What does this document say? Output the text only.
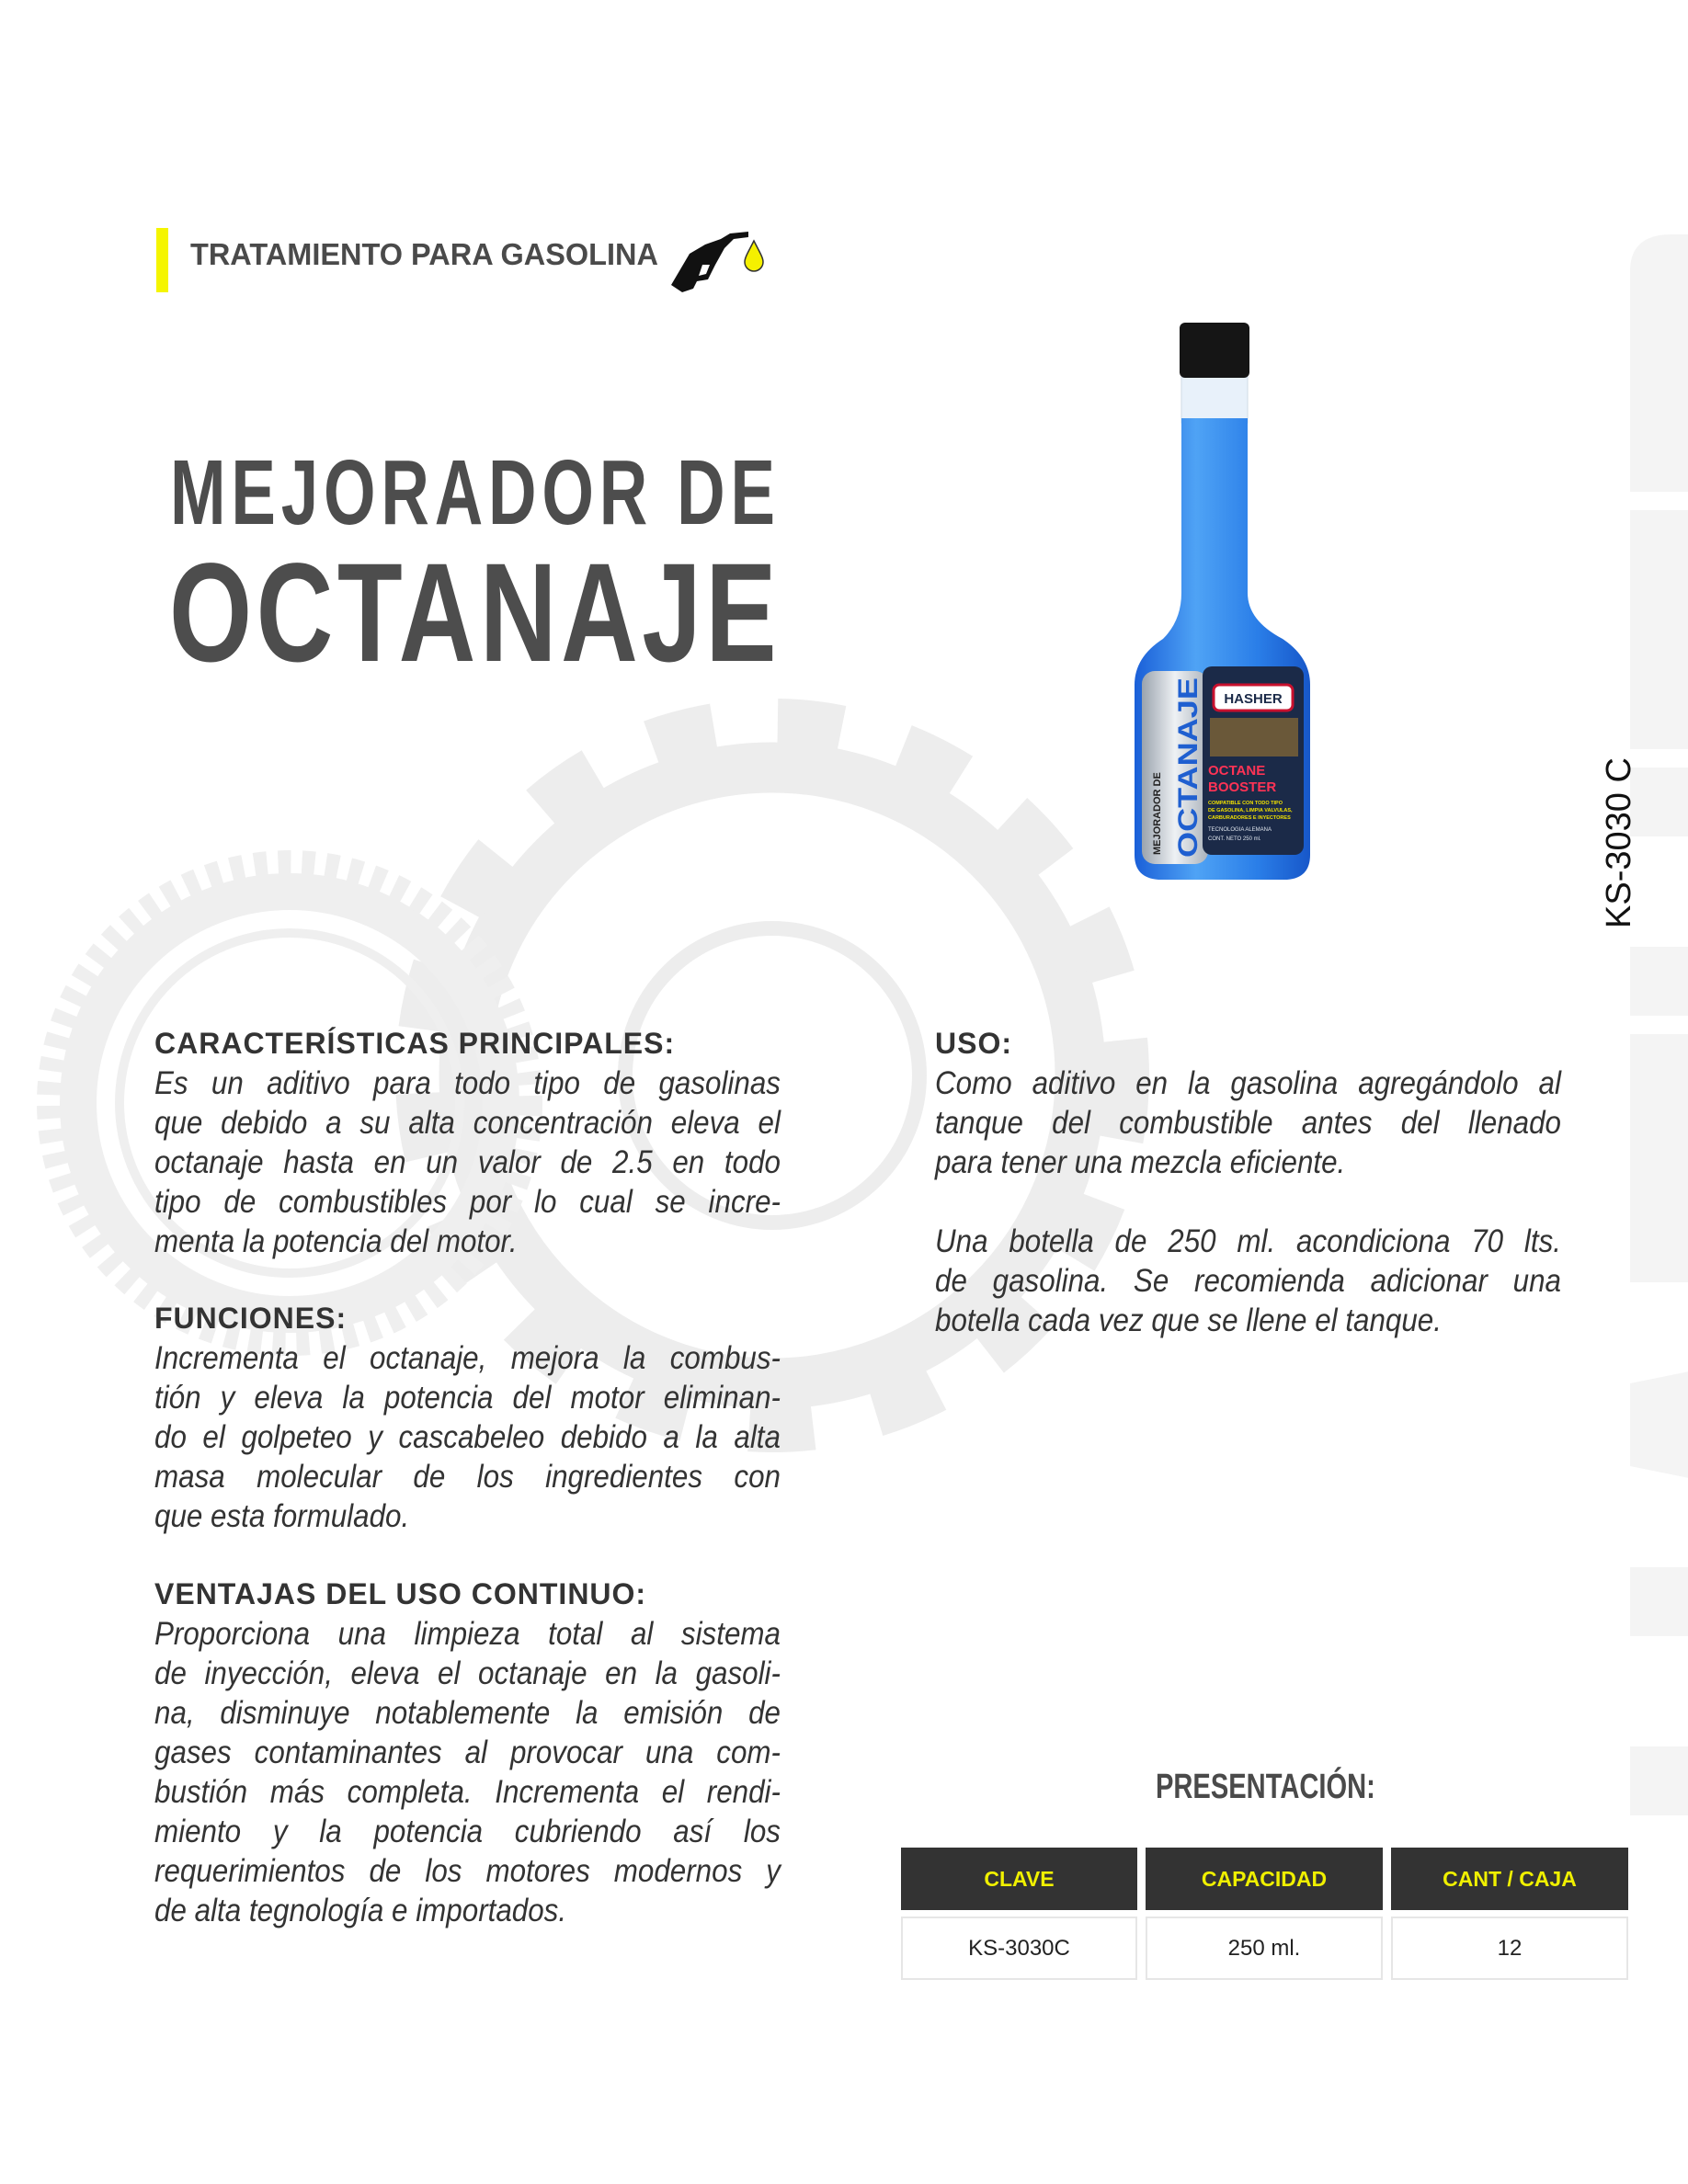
TRATAMIENTO PARA GASOLINA
MEJORADOR DE
OCTANAJE
MEJORADOR DE OCTANAJE
HASHER
OCTANE
BOOSTER
COMPATIBLE CON TODO TIPO
DE GASOLINA, LIMPIA VALVULAS,
CARBURADORES E INYECTORES
TECNOLOGIA ALEMANA
CONT. NETO 250 ml.	KS-3030 C
CARACTERÍSTICAS PRINCIPALES:
Es un aditivo para todo tipo de gasolinas
que debido a su alta concentración eleva el
octanaje hasta en un valor de 2.5 en todo
tipo de combustibles por lo cual se incre-
menta la potencia del motor.
FUNCIONES:
Incrementa el octanaje, mejora la combus-
tión y eleva la potencia del motor eliminan-
do el golpeteo y cascabeleo debido a la alta
masa molecular de los ingredientes con
que esta formulado.
VENTAJAS DEL USO CONTINUO:
Proporciona una limpieza total al sistema
de inyección, eleva el octanaje en la gasoli-
na, disminuye notablemente la emisión de
gases contaminantes al provocar una com-
bustión más completa. Incrementa el rendi-
miento y la potencia cubriendo así los
requerimientos de los motores modernos y
de alta tegnología e importados.
USO:
Como aditivo en la gasolina agregándolo al
tanque del combustible antes del llenado
para tener una mezcla eficiente.
Una botella de 250 ml. acondiciona 70 lts.
de gasolina. Se recomienda adicionar una
botella cada vez que se llene el tanque.
PRESENTACIÓN:
CLAVE	CAPACIDAD	CANT / CAJA
KS-3030C	250 ml.	12
